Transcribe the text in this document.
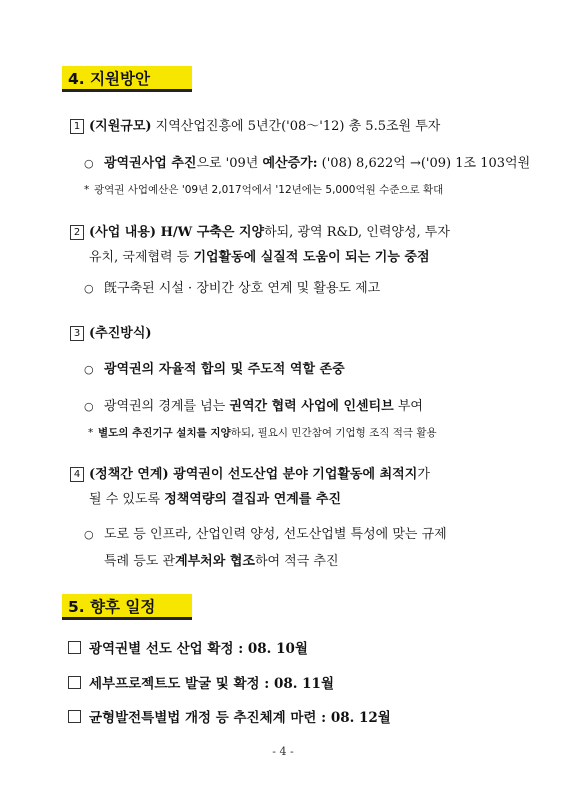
4. 지원방안
1 (지원규모) 지역산업진흥에 5년간('08～'12) 총 5.5조원 투자
○ 광역권사업 추진으로 '09년 예산증가: ('08) 8,622억 →('09) 1조 103억원
* 광역권 사업예산은 '09년 2,017억에서 '12년에는 5,000억원 수준으로 확대
2 (사업 내용) H/W 구축은 지양하되, 광역 R&D, 인력양성, 투자
유치, 국제협력 등 기업활동에 실질적 도움이 되는 기능 중점
○ 旣구축된 시설 · 장비간 상호 연계 및 활용도 제고
3 (추진방식)
○ 광역권의 자율적 합의 및 주도적 역할 존중
○ 광역권의 경계를 넘는 권역간 협력 사업에 인센티브 부여
* 별도의 추진기구 설치를 지양하되, 필요시 민간참여 기업형 조직 적극 활용
4 (정책간 연계) 광역권이 선도산업 분야 기업활동에 최적지가
될 수 있도록 정책역량의 결집과 연계를 추진
○ 도로 등 인프라, 산업인력 양성, 선도산업별 특성에 맞는 규제
특례 등도 관계부처와 협조하여 적극 추진
5. 향후 일정
광역권별 선도 산업 확정 : 08. 10월
세부프로젝트도 발굴 및 확정 : 08. 11월
균형발전특별법 개정 등 추진체계 마련 : 08. 12월
- 4 -
